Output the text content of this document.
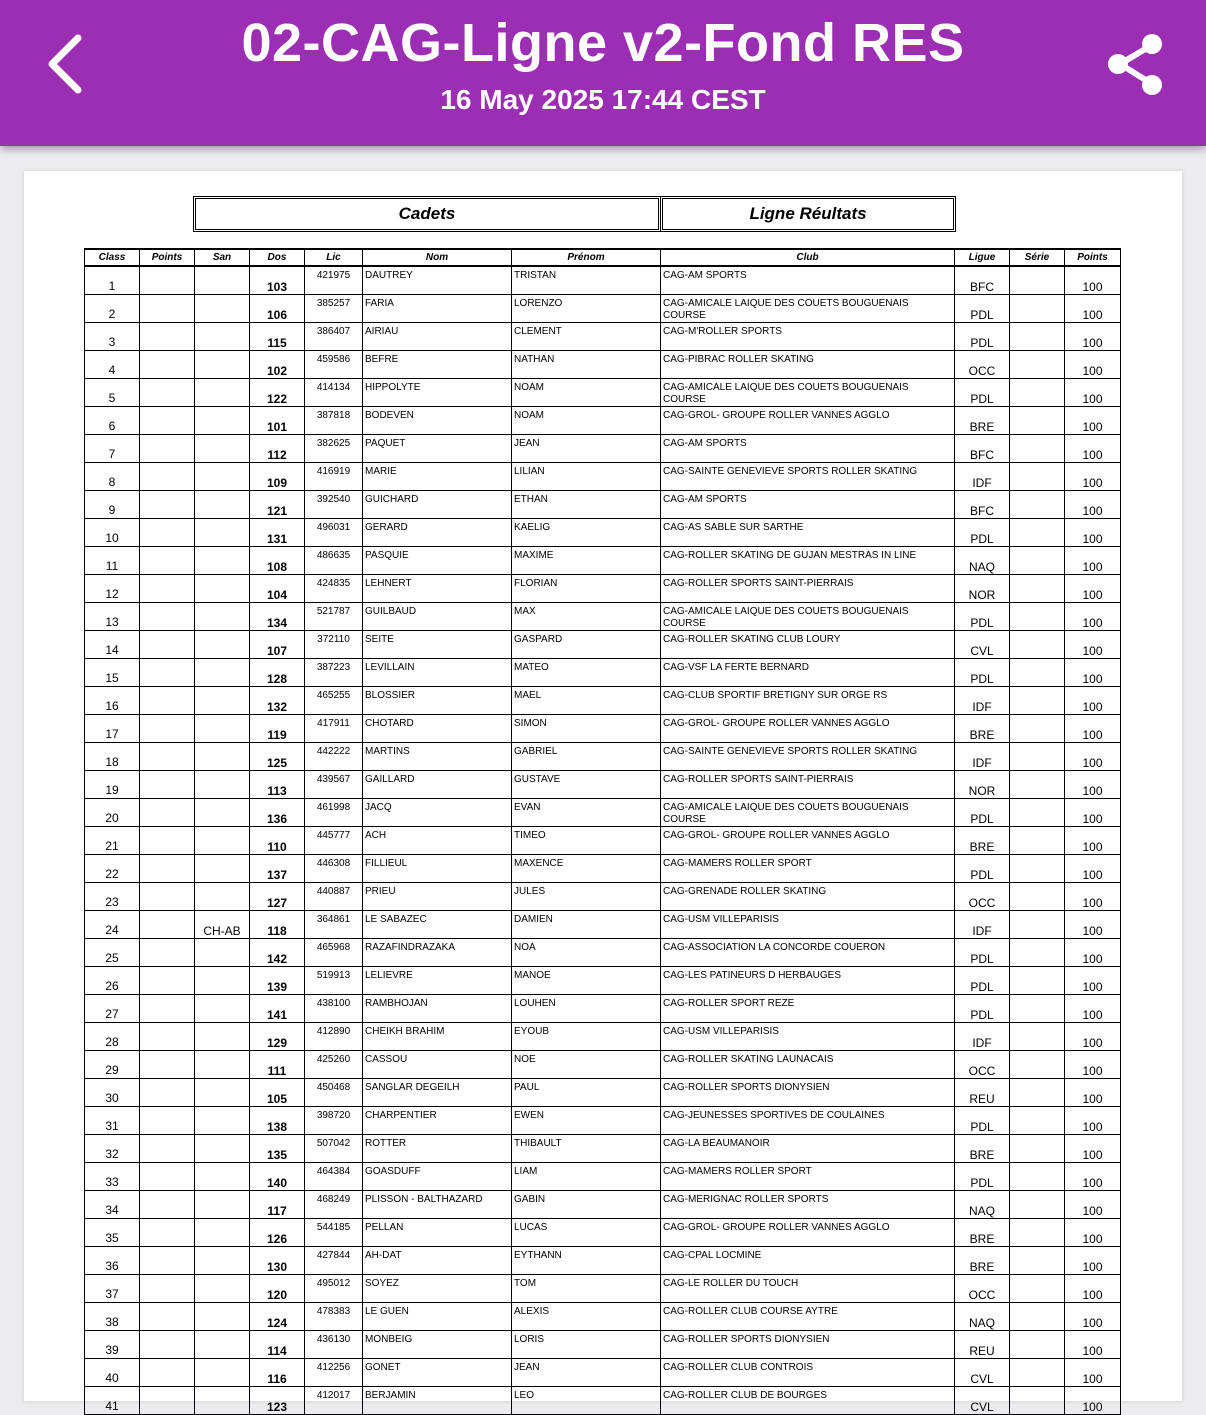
02-CAG-Ligne v2-Fond RES
16 May 2025 17:44 CEST
Cadets	Ligne Réultats
Class	Points	San	Dos	Lic	Nom	Prénom	Club	Ligue	Série	Points
1			103	421975	DAUTREY	TRISTAN	CAG-AM SPORTS	BFC		100
2			106	385257	FARIA	LORENZO	CAG-AMICALE LAIQUE DES COUETS BOUGUENAIS COURSE	PDL		100
3			115	386407	AIRIAU	CLEMENT	CAG-M'ROLLER SPORTS	PDL		100
4			102	459586	BEFRE	NATHAN	CAG-PIBRAC ROLLER SKATING	OCC		100
5			122	414134	HIPPOLYTE	NOAM	CAG-AMICALE LAIQUE DES COUETS BOUGUENAIS COURSE	PDL		100
6			101	387818	BODEVEN	NOAM	CAG-GROL- GROUPE ROLLER VANNES AGGLO	BRE		100
7			112	382625	PAQUET	JEAN	CAG-AM SPORTS	BFC		100
8			109	416919	MARIE	LILIAN	CAG-SAINTE GENEVIEVE SPORTS ROLLER SKATING	IDF		100
9			121	392540	GUICHARD	ETHAN	CAG-AM SPORTS	BFC		100
10			131	496031	GERARD	KAELIG	CAG-AS SABLE SUR SARTHE	PDL		100
11			108	486635	PASQUIE	MAXIME	CAG-ROLLER SKATING DE GUJAN MESTRAS IN LINE	NAQ		100
12			104	424835	LEHNERT	FLORIAN	CAG-ROLLER SPORTS SAINT-PIERRAIS	NOR		100
13			134	521787	GUILBAUD	MAX	CAG-AMICALE LAIQUE DES COUETS BOUGUENAIS COURSE	PDL		100
14			107	372110	SEITE	GASPARD	CAG-ROLLER SKATING CLUB LOURY	CVL		100
15			128	387223	LEVILLAIN	MATEO	CAG-VSF LA FERTE BERNARD	PDL		100
16			132	465255	BLOSSIER	MAEL	CAG-CLUB SPORTIF BRETIGNY SUR ORGE RS	IDF		100
17			119	417911	CHOTARD	SIMON	CAG-GROL- GROUPE ROLLER VANNES AGGLO	BRE		100
18			125	442222	MARTINS	GABRIEL	CAG-SAINTE GENEVIEVE SPORTS ROLLER SKATING	IDF		100
19			113	439567	GAILLARD	GUSTAVE	CAG-ROLLER SPORTS SAINT-PIERRAIS	NOR		100
20			136	461998	JACQ	EVAN	CAG-AMICALE LAIQUE DES COUETS BOUGUENAIS COURSE	PDL		100
21			110	445777	ACH	TIMEO	CAG-GROL- GROUPE ROLLER VANNES AGGLO	BRE		100
22			137	446308	FILLIEUL	MAXENCE	CAG-MAMERS ROLLER SPORT	PDL		100
23			127	440887	PRIEU	JULES	CAG-GRENADE ROLLER SKATING	OCC		100
24		CH-AB	118	364861	LE SABAZEC	DAMIEN	CAG-USM VILLEPARISIS	IDF		100
25			142	465968	RAZAFINDRAZAKA	NOA	CAG-ASSOCIATION LA CONCORDE COUERON	PDL		100
26			139	519913	LELIEVRE	MANOE	CAG-LES PATINEURS D HERBAUGES	PDL		100
27			141	438100	RAMBHOJAN	LOUHEN	CAG-ROLLER SPORT REZE	PDL		100
28			129	412890	CHEIKH BRAHIM	EYOUB	CAG-USM VILLEPARISIS	IDF		100
29			111	425260	CASSOU	NOE	CAG-ROLLER SKATING LAUNACAIS	OCC		100
30			105	450468	SANGLAR DEGEILH	PAUL	CAG-ROLLER SPORTS DIONYSIEN	REU		100
31			138	398720	CHARPENTIER	EWEN	CAG-JEUNESSES SPORTIVES DE COULAINES	PDL		100
32			135	507042	ROTTER	THIBAULT	CAG-LA BEAUMANOIR	BRE		100
33			140	464384	GOASDUFF	LIAM	CAG-MAMERS ROLLER SPORT	PDL		100
34			117	468249	PLISSON - BALTHAZARD	GABIN	CAG-MERIGNAC ROLLER SPORTS	NAQ		100
35			126	544185	PELLAN	LUCAS	CAG-GROL- GROUPE ROLLER VANNES AGGLO	BRE		100
36			130	427844	AH-DAT	EYTHANN	CAG-CPAL LOCMINE	BRE		100
37			120	495012	SOYEZ	TOM	CAG-LE ROLLER DU TOUCH	OCC		100
38			124	478383	LE GUEN	ALEXIS	CAG-ROLLER CLUB COURSE AYTRE	NAQ		100
39			114	436130	MONBEIG	LORIS	CAG-ROLLER SPORTS DIONYSIEN	REU		100
40			116	412256	GONET	JEAN	CAG-ROLLER CLUB CONTROIS	CVL		100
41			123	412017	BERJAMIN	LEO	CAG-ROLLER CLUB DE BOURGES	CVL		100
